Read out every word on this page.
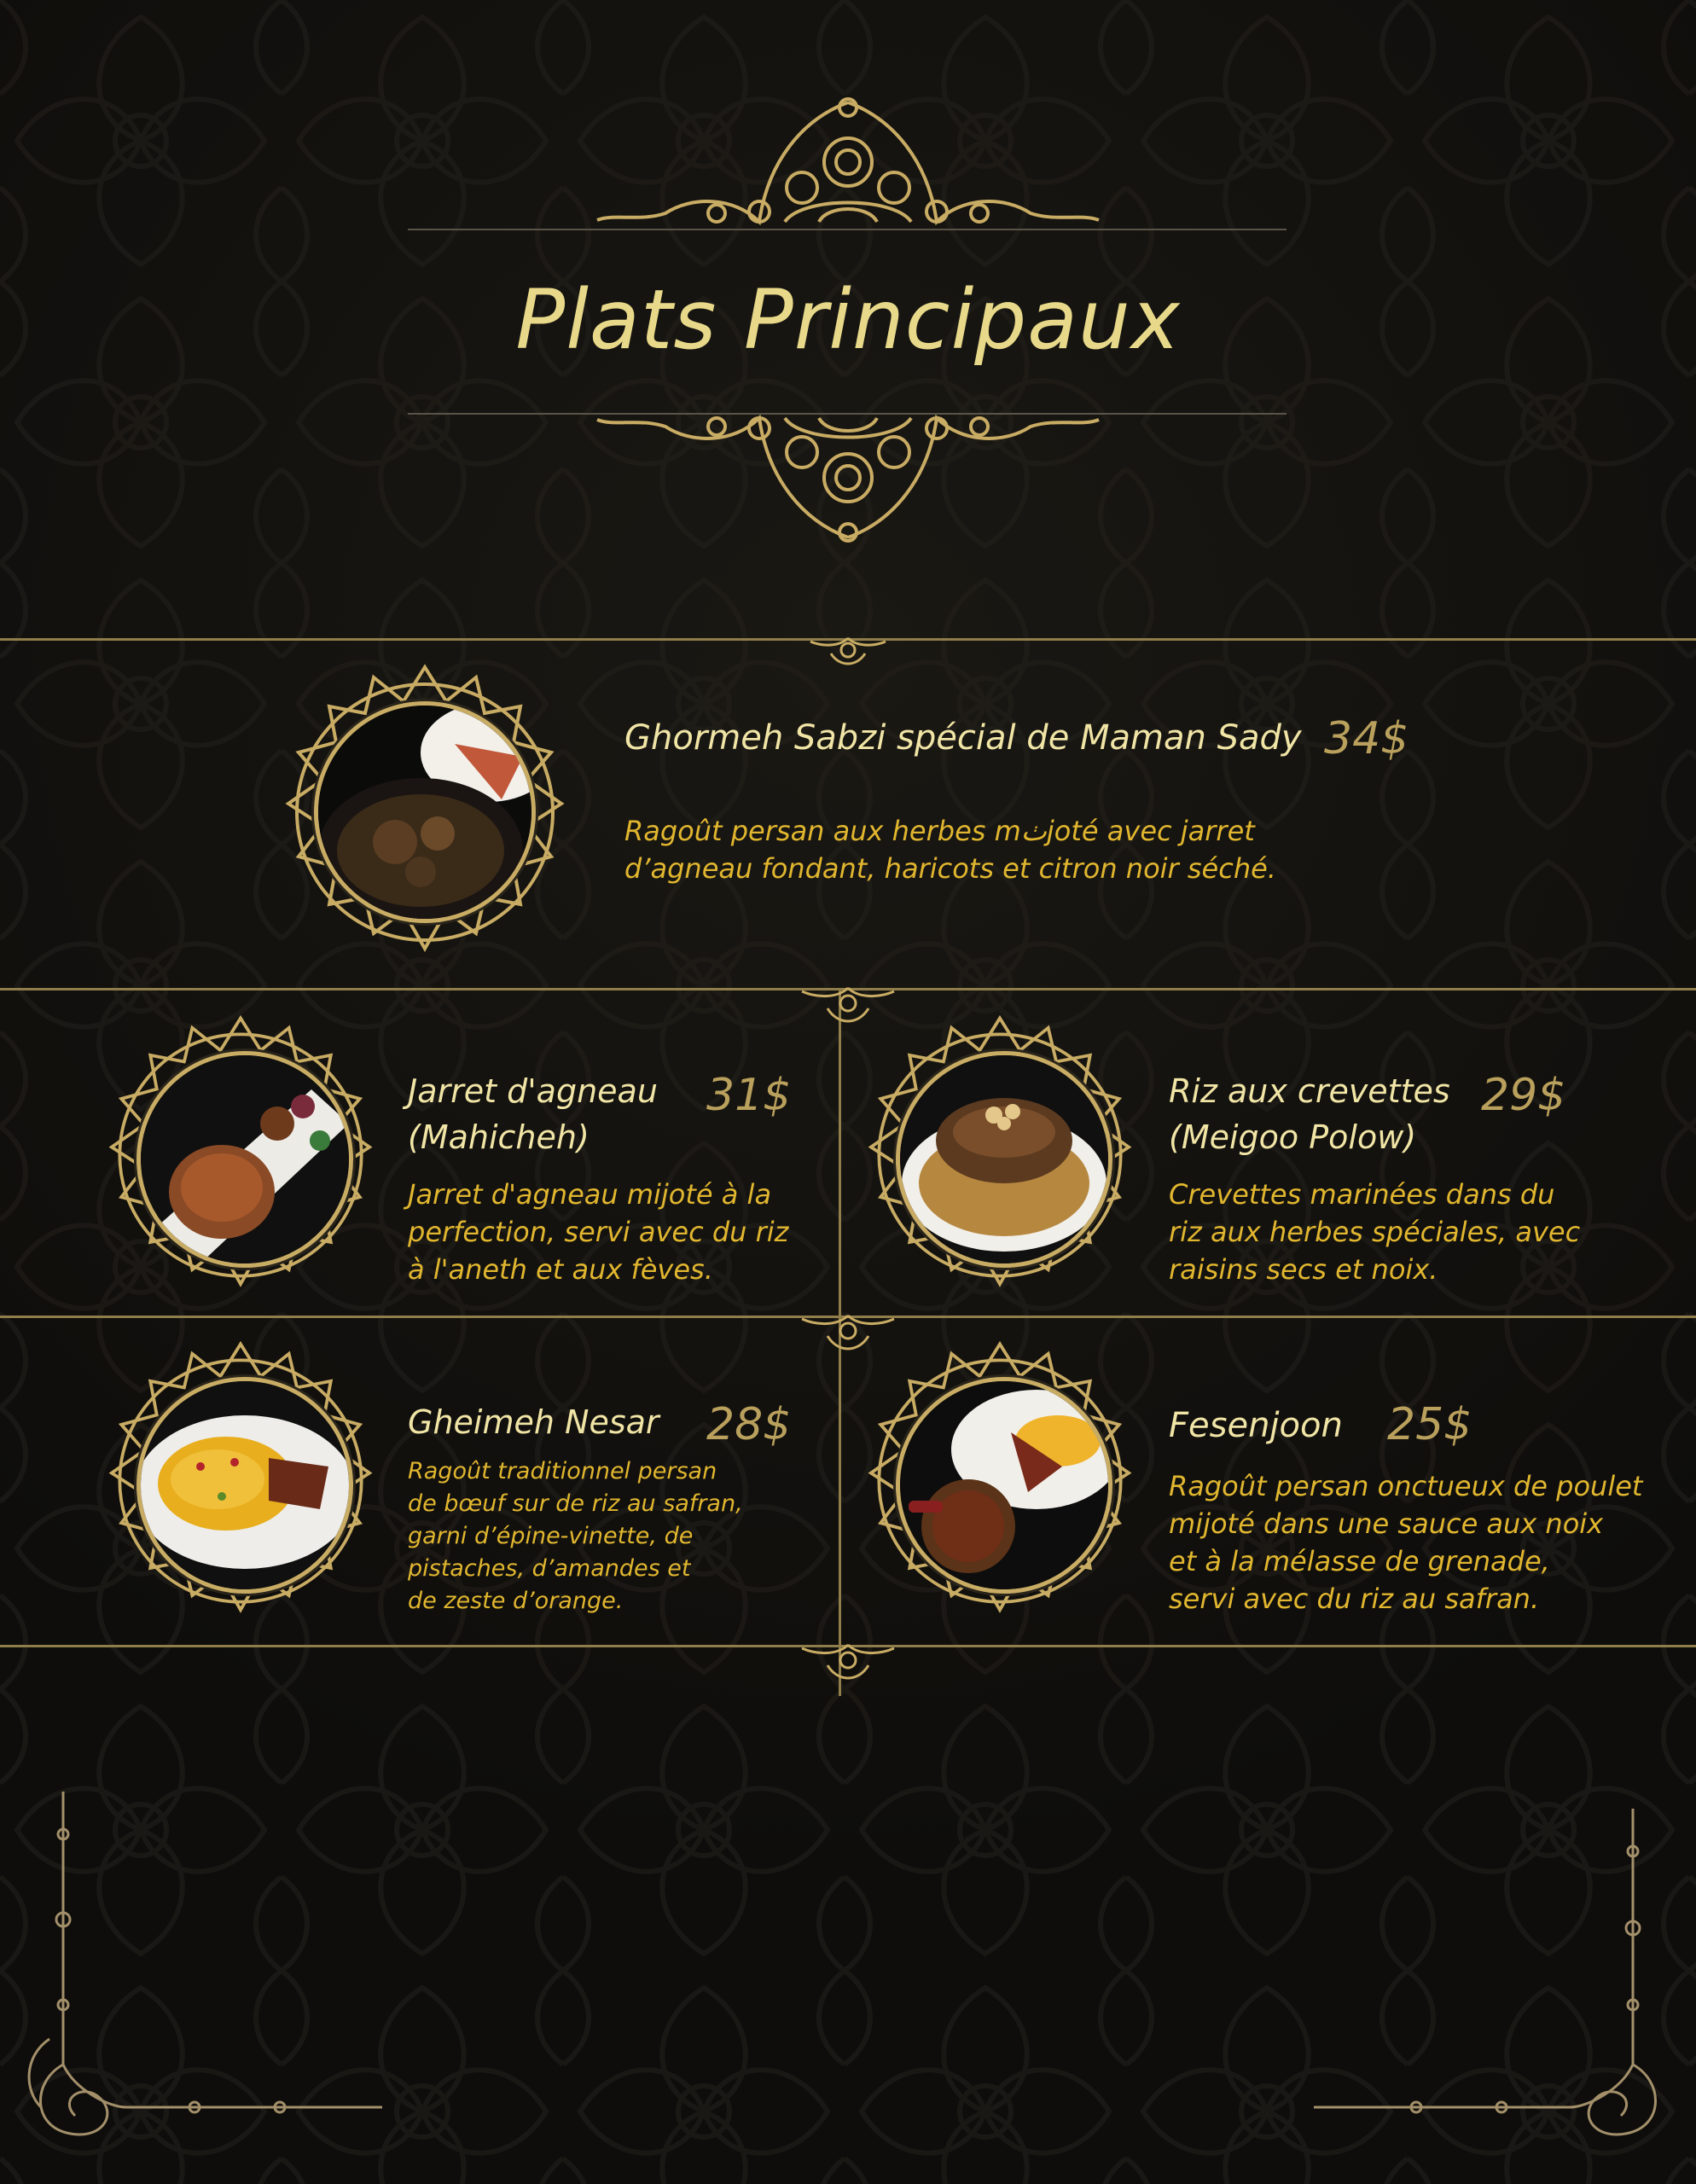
Plats Principaux
Ghormeh Sabzi spécial de Maman Sady 34$
Ragoût persan aux herbes mٺjoté avec jarret
d’agneau fondant, haricots et citron noir séché.
Jarret d'agneau
(Mahicheh)
31$
Jarret d'agneau mijoté à la
perfection, servi avec du riz
à l'aneth et aux fèves.
Riz aux crevettes
(Meigoo Polow)
29$
Crevettes marinées dans du
riz aux herbes spéciales, avec
raisins secs et noix.
Gheimeh Nesar 28$
Ragoût traditionnel persan
de bœuf sur de riz au safran,
garni d’épine-vinette, de
pistaches, d’amandes et
de zeste d’orange.
Fesenjoon 25$
Ragoût persan onctueux de poulet
mijoté dans une sauce aux noix
et à la mélasse de grenade,
servi avec du riz au safran.
